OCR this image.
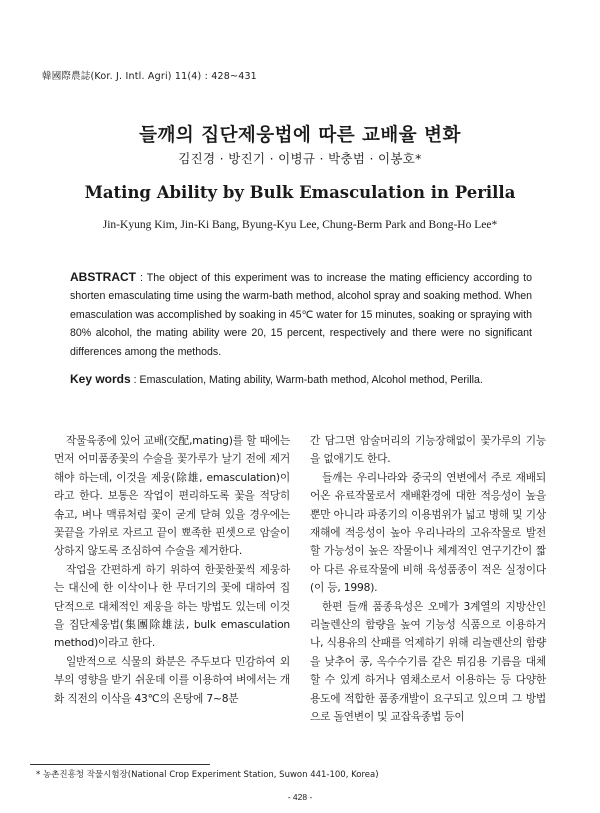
韓國際農誌(Kor. J. Intl. Agri) 11(4) : 428~431
들깨의 집단제웅법에 따른 교배율 변화
김진경 · 방진기 · 이병규 · 박충범 · 이봉호*
Mating Ability by Bulk Emasculation in Perilla
Jin-Kyung Kim, Jin-Ki Bang, Byung-Kyu Lee, Chung-Berm Park and Bong-Ho Lee*
ABSTRACT : The object of this experiment was to increase the mating efficiency according to shorten emasculating time using the warm-bath method, alcohol spray and soaking method. When emasculation was accomplished by soaking in 45℃ water for 15 minutes, soaking or spraying with 80% alcohol, the mating ability were 20, 15 percent, respectively and there were no significant differences among the methods.
Key words : Emasculation, Mating ability, Warm-bath method, Alcohol method, Perilla.

작물육종에 있어 교배(交配,mating)를 할 때에는 먼저 어미품종꽃의 수술을 꽃가루가 날기 전에 제거해야 하는데, 이것을 제웅(除雄, emasculation)이라고 한다. 보통은 작업이 편리하도록 꽃을 적당히 솎고, 벼나 맥류처럼 꽃이 굳게 닫혀 있을 경우에는 꽃끝을 가위로 자르고 끝이 뾰족한 핀셋으로 암술이 상하지 않도록 조심하여 수술을 제거한다.

작업을 간편하게 하기 위하여 한꽃한꽃씩 제웅하는 대신에 한 이삭이나 한 무더기의 꽃에 대하여 집단적으로 대체적인 제웅을 하는 방법도 있는데 이것을 집단제웅법(集團除雄法, bulk emasculation method)이라고 한다.

일반적으로 식물의 화분은 주두보다 민감하여 외부의 영향을 받기 쉬운데 이를 이용하여 벼에서는 개화 직전의 이삭을 43℃의 온탕에 7~8분

간 담그면 암술머리의 기능장해없이 꽃가루의 기능을 없애기도 한다.

들깨는 우리나라와 중국의 연변에서 주로 재배되어온 유료작물로서 재배환경에 대한 적응성이 높을 뿐만 아니라 파종기의 이용범위가 넓고 병해 및 기상재해에 적응성이 높아 우리나라의 고유작물로 발전할 가능성이 높은 작물이나 체계적인 연구기간이 짧아 다른 유료작물에 비해 육성품종이 적은 실정이다(이 등, 1998).

한편 들깨 품종육성은 오메가 3계열의 지방산인 리놀렌산의 함량을 높여 기능성 식품으로 이용하거나, 식용유의 산패를 억제하기 위해 리놀렌산의 함량을 낮추어 콩, 옥수수기름 같은 튀김용 기름을 대체할 수 있게 하거나 염채소로서 이용하는 등 다양한 용도에 적합한 품종개발이 요구되고 있으며 그 방법으로 돌연변이 및 교잡육종법 등이

* 농촌진흥청 작물시험장(National Crop Experiment Station, Suwon 441-100, Korea)
- 428 -
